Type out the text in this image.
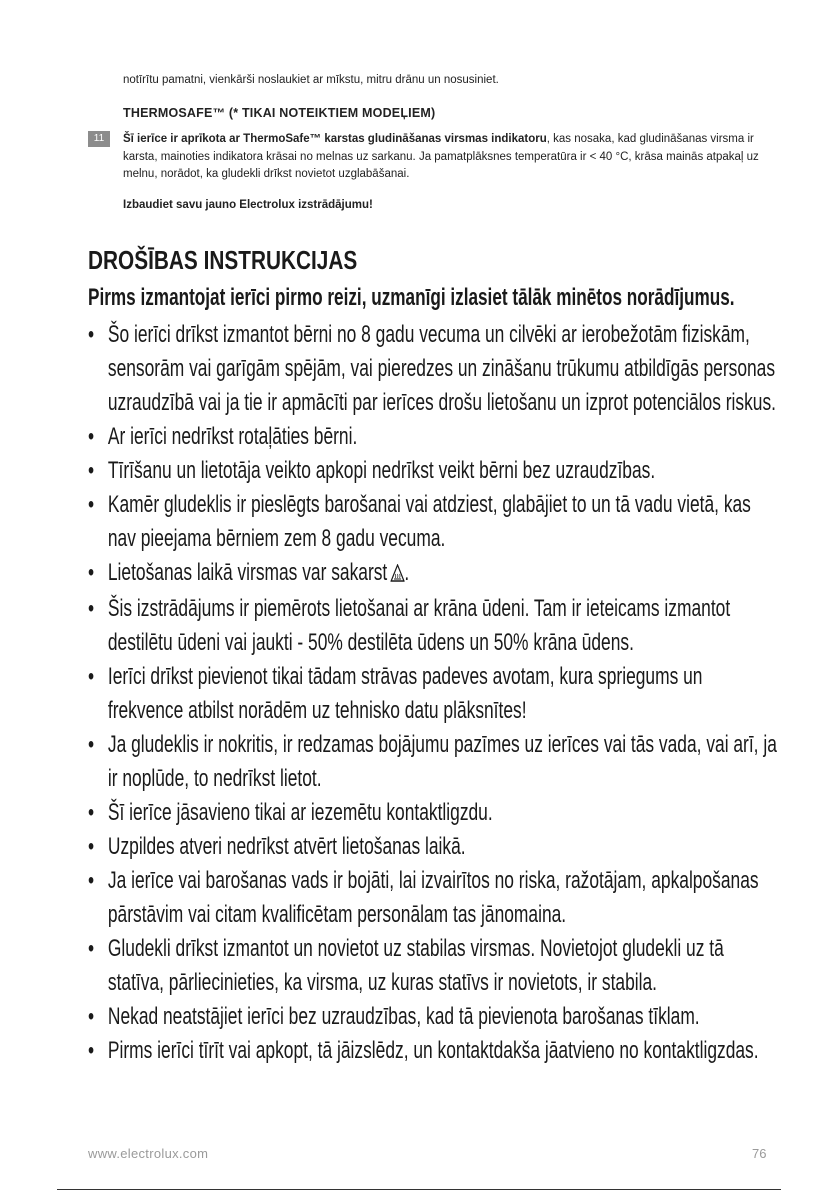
notīrītu pamatni, vienkārši noslaukiet ar mīkstu, mitru drānu un nosusiniet.
THERMOSAFE™ (* TIKAI NOTEIKTIEM MODEĻIEM)
11	Šī ierīce ir aprīkota ar ThermoSafe™ karstas gludināšanas virsmas indikatoru, kas nosaka, kad gludināšanas virsma ir karsta, mainoties indikatora krāsai no melnas uz sarkanu. Ja pamatplāksnes temperatūra ir < 40 °C, krāsa mainās atpakaļ uz melnu, norādot, ka gludekli drīkst novietot uzglabāšanai.
Izbaudiet savu jauno Electrolux izstrādājumu!
DROŠĪBAS INSTRUKCIJAS
Pirms izmantojat ierīci pirmo reizi, uzmanīgi izlasiet tālāk minētos norādījumus.
• Šo ierīci drīkst izmantot bērni no 8 gadu vecuma un cilvēki ar ierobežotām fiziskām, sensorām vai garīgām spējām, vai pieredzes un zināšanu trūkumu atbildīgās personas uzraudzībā vai ja tie ir apmācīti par ierīces drošu lietošanu un izprot potenciālos riskus.
• Ar ierīci nedrīkst rotaļāties bērni.
• Tīrīšanu un lietotāja veikto apkopi nedrīkst veikt bērni bez uzraudzības.
• Kamēr gludeklis ir pieslēgts barošanai vai atdziest, glabājiet to un tā vadu vietā, kas nav pieejama bērniem zem 8 gadu vecuma.
• Lietošanas laikā virsmas var sakarst .
• Šis izstrādājums ir piemērots lietošanai ar krāna ūdeni. Tam ir ieteicams izmantot destilētu ūdeni vai jaukti - 50% destilēta ūdens un 50% krāna ūdens.
• Ierīci drīkst pievienot tikai tādam strāvas padeves avotam, kura spriegums un frekvence atbilst norādēm uz tehnisko datu plāksnītes!
• Ja gludeklis ir nokritis, ir redzamas bojājumu pazīmes uz ierīces vai tās vada, vai arī, ja ir noplūde, to nedrīkst lietot.
• Šī ierīce jāsavieno tikai ar iezemētu kontaktligzdu.
• Uzpildes atveri nedrīkst atvērt lietošanas laikā.
• Ja ierīce vai barošanas vads ir bojāti, lai izvairītos no riska, ražotājam, apkalpošanas pārstāvim vai citam kvalificētam personālam tas jānomaina.
• Gludekli drīkst izmantot un novietot uz stabilas virsmas. Novietojot gludekli uz tā statīva, pārliecinieties, ka virsma, uz kuras statīvs ir novietots, ir stabila.
• Nekad neatstājiet ierīci bez uzraudzības, kad tā pievienota barošanas tīklam.
• Pirms ierīci tīrīt vai apkopt, tā jāizslēdz, un kontaktdakša jāatvieno no kontaktligzdas.
www.electrolux.com	76
